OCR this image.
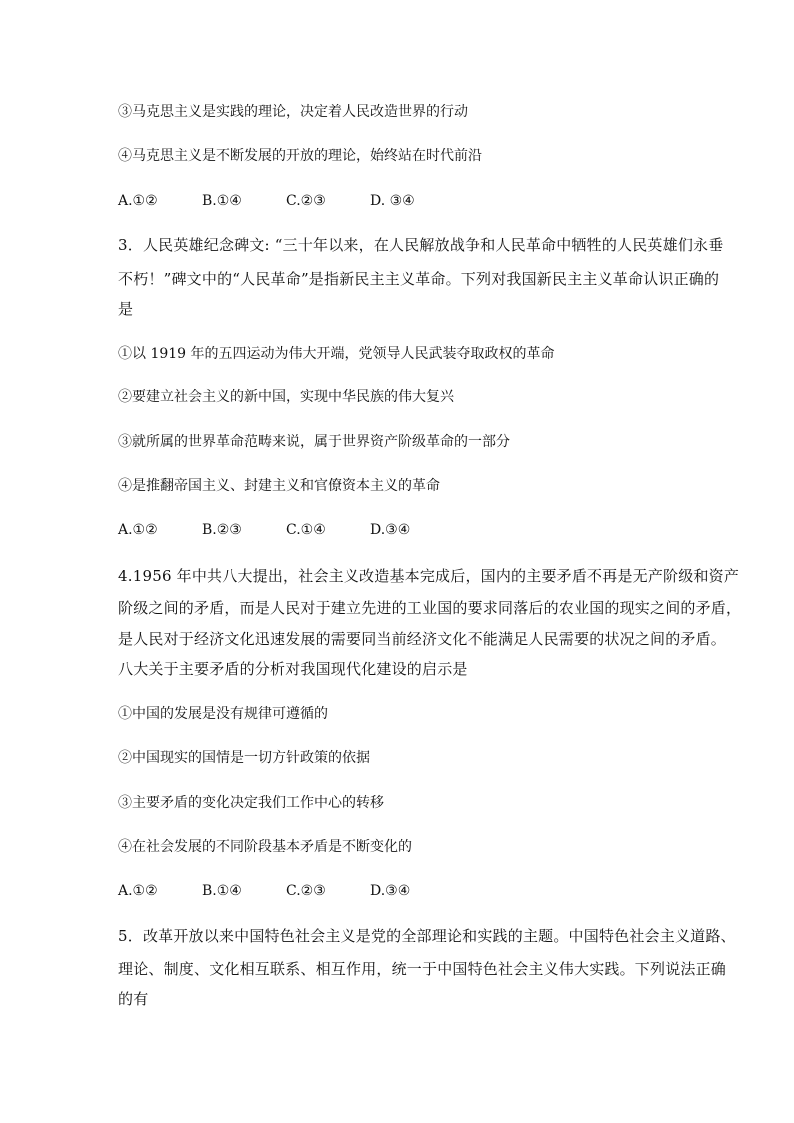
③马克思主义是实践的理论，决定着人民改造世界的行动
④马克思主义是不断发展的开放的理论，始终站在时代前沿
A.①②	B.①④	C.②③	D. ③④
3．人民英雄纪念碑文: “三十年以来，在人民解放战争和人民革命中牺牲的人民英雄们永垂
不朽！”碑文中的“人民革命”是指新民主主义革命。下列对我国新民主主义革命认识正确的
是
①以 1919 年的五四运动为伟大开端，党领导人民武装夺取政权的革命
②要建立社会主义的新中国，实现中华民族的伟大复兴
③就所属的世界革命范畴来说，属于世界资产阶级革命的一部分
④是推翻帝国主义、封建主义和官僚资本主义的革命
A.①②	B.②③	C.①④	D.③④
4.1956 年中共八大提出，社会主义改造基本完成后，国内的主要矛盾不再是无产阶级和资产
阶级之间的矛盾，而是人民对于建立先进的工业国的要求同落后的农业国的现实之间的矛盾，
是人民对于经济文化迅速发展的需要同当前经济文化不能满足人民需要的状况之间的矛盾。
八大关于主要矛盾的分析对我国现代化建设的启示是
①中国的发展是没有规律可遵循的
②中国现实的国情是一切方针政策的依据
③主要矛盾的变化决定我们工作中心的转移
④在社会发展的不同阶段基本矛盾是不断变化的
A.①②	B.①④	C.②③	D.③④
5．改革开放以来中国特色社会主义是党的全部理论和实践的主题。中国特色社会主义道路、
理论、制度、文化相互联系、相互作用，统一于中国特色社会主义伟大实践。下列说法正确
的有
